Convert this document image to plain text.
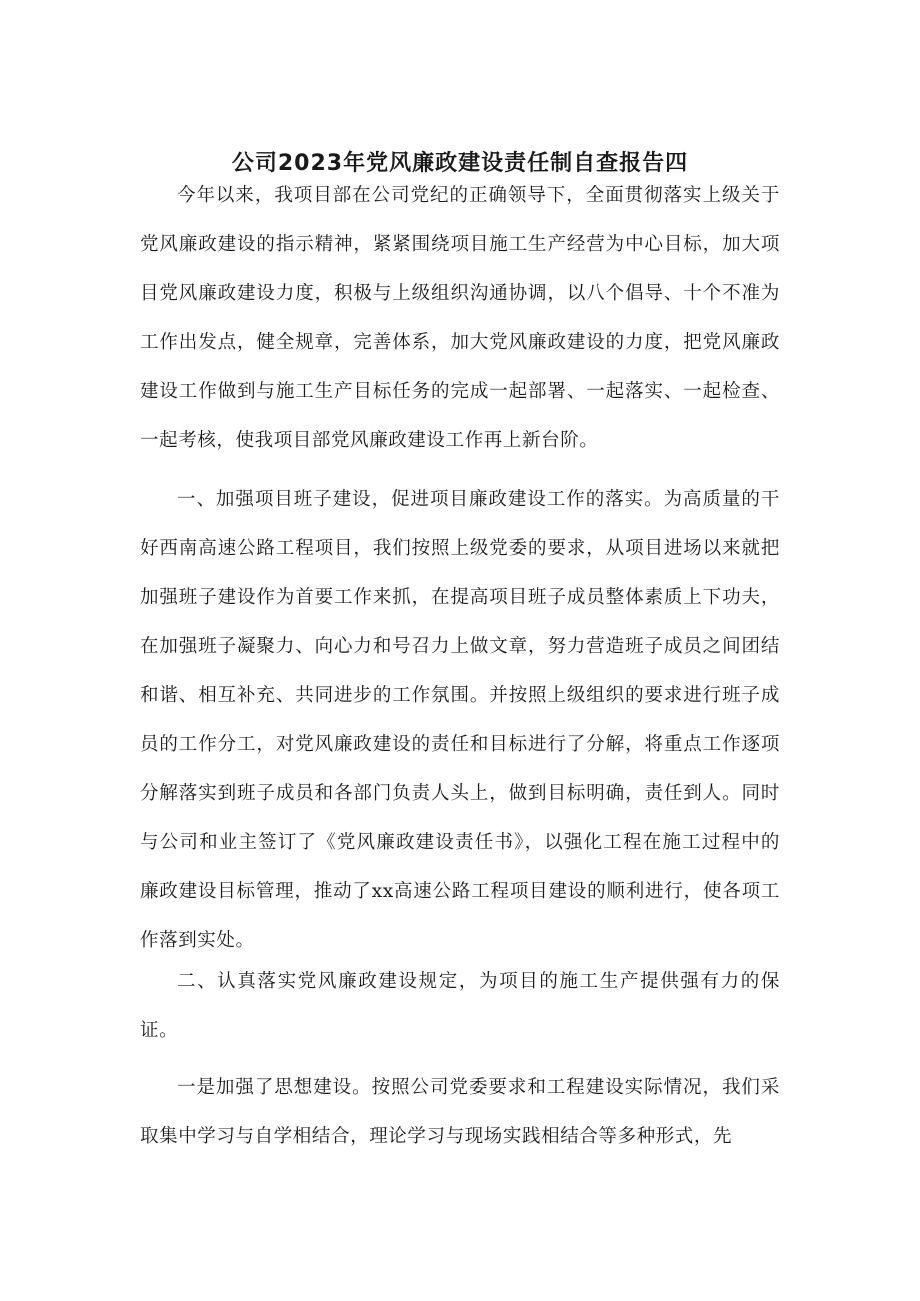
公司2023年党风廉政建设责任制自查报告四
今年以来，我项目部在公司党纪的正确领导下，全面贯彻落实上级关于党风廉政建设的指示精神，紧紧围绕项目施工生产经营为中心目标，加大项目党风廉政建设力度，积极与上级组织沟通协调，以八个倡导、十个不准为工作出发点，健全规章，完善体系，加大党风廉政建设的力度，把党风廉政建设工作做到与施工生产目标任务的完成一起部署、一起落实、一起检查、一起考核，使我项目部党风廉政建设工作再上新台阶。
一、加强项目班子建设，促进项目廉政建设工作的落实。为高质量的干好西南高速公路工程项目，我们按照上级党委的要求，从项目进场以来就把加强班子建设作为首要工作来抓，在提高项目班子成员整体素质上下功夫，在加强班子凝聚力、向心力和号召力上做文章，努力营造班子成员之间团结和谐、相互补充、共同进步的工作氛围。并按照上级组织的要求进行班子成员的工作分工，对党风廉政建设的责任和目标进行了分解，将重点工作逐项分解落实到班子成员和各部门负责人头上，做到目标明确，责任到人。同时与公司和业主签订了《党风廉政建设责任书》，以强化工程在施工过程中的廉政建设目标管理，推动了xx高速公路工程项目建设的顺利进行，使各项工作落到实处。
二、认真落实党风廉政建设规定，为项目的施工生产提供强有力的保证。
一是加强了思想建设。按照公司党委要求和工程建设实际情况，我们采取集中学习与自学相结合，理论学习与现场实践相结合等多种形式，先
